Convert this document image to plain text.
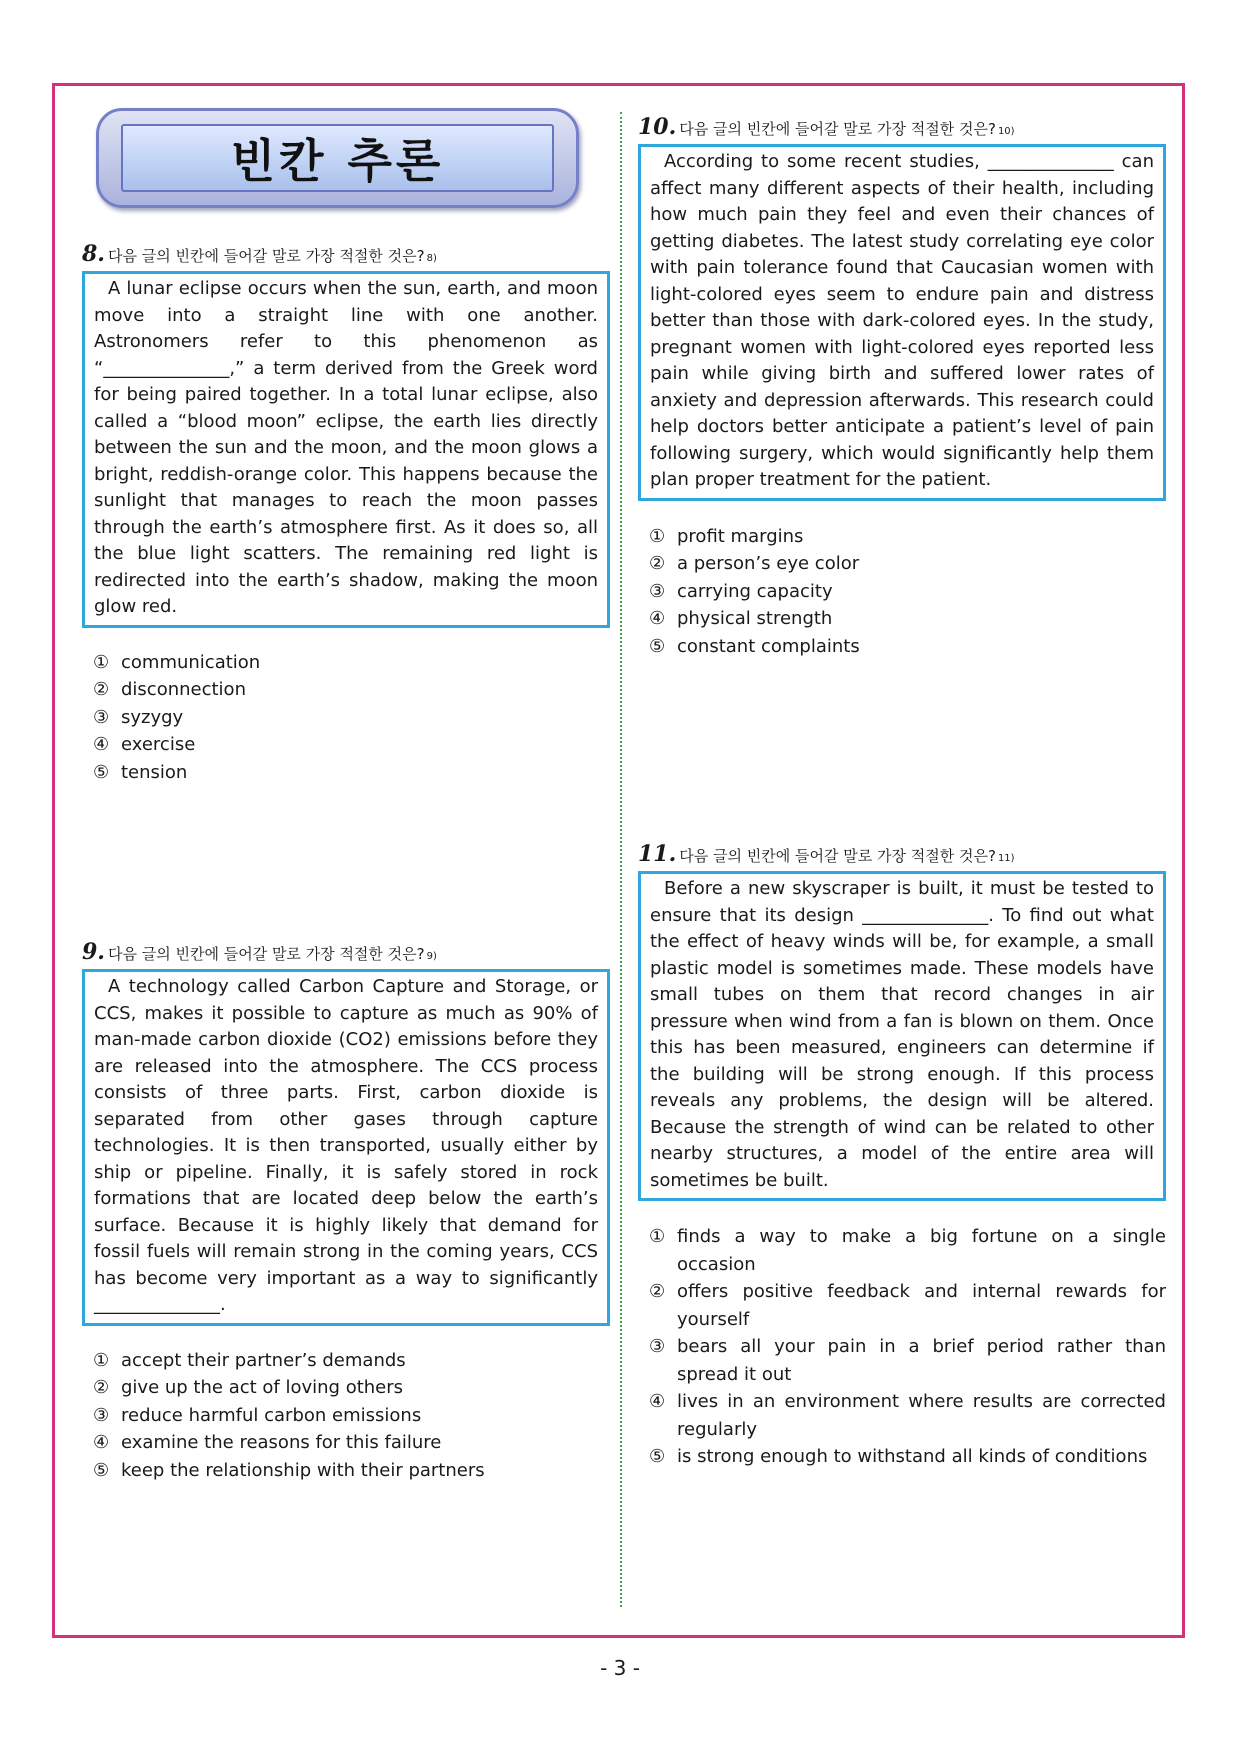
빈칸 추론
8. 다음 글의 빈칸에 들어갈 말로 가장 적절한 것은? 8)
A lunar eclipse occurs when the sun, earth, and moon move into a straight line with one another. Astronomers refer to this phenomenon as “______________,” a term derived from the Greek word for being paired together. In a total lunar eclipse, also called a “blood moon” eclipse, the earth lies directly between the sun and the moon, and the moon glows a bright, reddish-orange color. This happens because the sunlight that manages to reach the moon passes through the earth’s atmosphere first. As it does so, all the blue light scatters. The remaining red light is redirected into the earth’s shadow, making the moon glow red.
① communication
② disconnection
③ syzygy
④ exercise
⑤ tension
9. 다음 글의 빈칸에 들어갈 말로 가장 적절한 것은? 9)
A technology called Carbon Capture and Storage, or CCS, makes it possible to capture as much as 90% of man-made carbon dioxide (CO2) emissions before they are released into the atmosphere. The CCS process consists of three parts. First, carbon dioxide is separated from other gases through capture technologies. It is then transported, usually either by ship or pipeline. Finally, it is safely stored in rock formations that are located deep below the earth’s surface. Because it is highly likely that demand for fossil fuels will remain strong in the coming years, CCS has become very important as a way to significantly ______________.
① accept their partner’s demands
② give up the act of loving others
③ reduce harmful carbon emissions
④ examine the reasons for this failure
⑤ keep the relationship with their partners
10. 다음 글의 빈칸에 들어갈 말로 가장 적절한 것은? 10)
According to some recent studies, ______________ can affect many different aspects of their health, including how much pain they feel and even their chances of getting diabetes. The latest study correlating eye color with pain tolerance found that Caucasian women with light-colored eyes seem to endure pain and distress better than those with dark-colored eyes. In the study, pregnant women with light-colored eyes reported less pain while giving birth and suffered lower rates of anxiety and depression afterwards. This research could help doctors better anticipate a patient’s level of pain following surgery, which would significantly help them plan proper treatment for the patient.
① profit margins
② a person’s eye color
③ carrying capacity
④ physical strength
⑤ constant complaints
11. 다음 글의 빈칸에 들어갈 말로 가장 적절한 것은? 11)
Before a new skyscraper is built, it must be tested to ensure that its design ______________. To find out what the effect of heavy winds will be, for example, a small plastic model is sometimes made. These models have small tubes on them that record changes in air pressure when wind from a fan is blown on them. Once this has been measured, engineers can determine if the building will be strong enough. If this process reveals any problems, the design will be altered. Because the strength of wind can be related to other nearby structures, a model of the entire area will sometimes be built.
① finds a way to make a big fortune on a single occasion
② offers positive feedback and internal rewards for yourself
③ bears all your pain in a brief period rather than spread it out
④ lives in an environment where results are corrected regularly
⑤ is strong enough to withstand all kinds of conditions
- 3 -
